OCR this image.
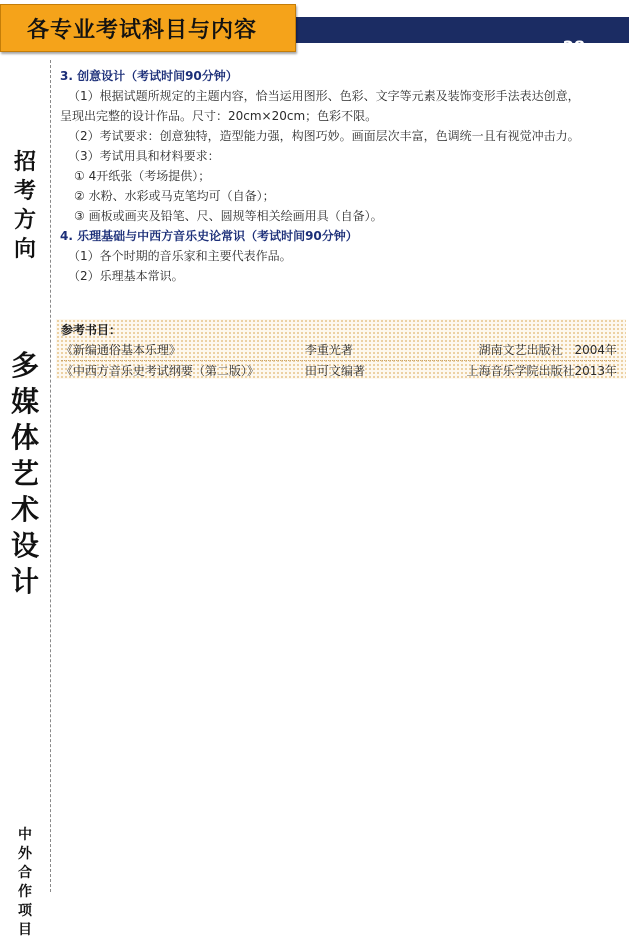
28
各专业考试科目与内容
招
考
方
向
多
媒
体
艺
术
设
计
中
外
合
作
项
目
3. 创意设计（考试时间90分钟）
（1）根据试题所规定的主题内容，恰当运用图形、色彩、文字等元素及装饰变形手法表达创意，
呈现出完整的设计作品。尺寸：20cm×20cm；色彩不限。
（2）考试要求：创意独特，造型能力强，构图巧妙。画面层次丰富，色调统一且有视觉冲击力。
（3）考试用具和材料要求：
① 4开纸张（考场提供）；
② 水粉、水彩或马克笔均可（自备）；
③ 画板或画夹及铅笔、尺、圆规等相关绘画用具（自备）。
4. 乐理基础与中西方音乐史论常识（考试时间90分钟）
（1）各个时期的音乐家和主要代表作品。
（2）乐理基本常识。
参考书目：
《新编通俗基本乐理》	李重光著	湖南文艺出版社　2004年
《中西方音乐史考试纲要（第二版）》	田可文编著	上海音乐学院出版社2013年
